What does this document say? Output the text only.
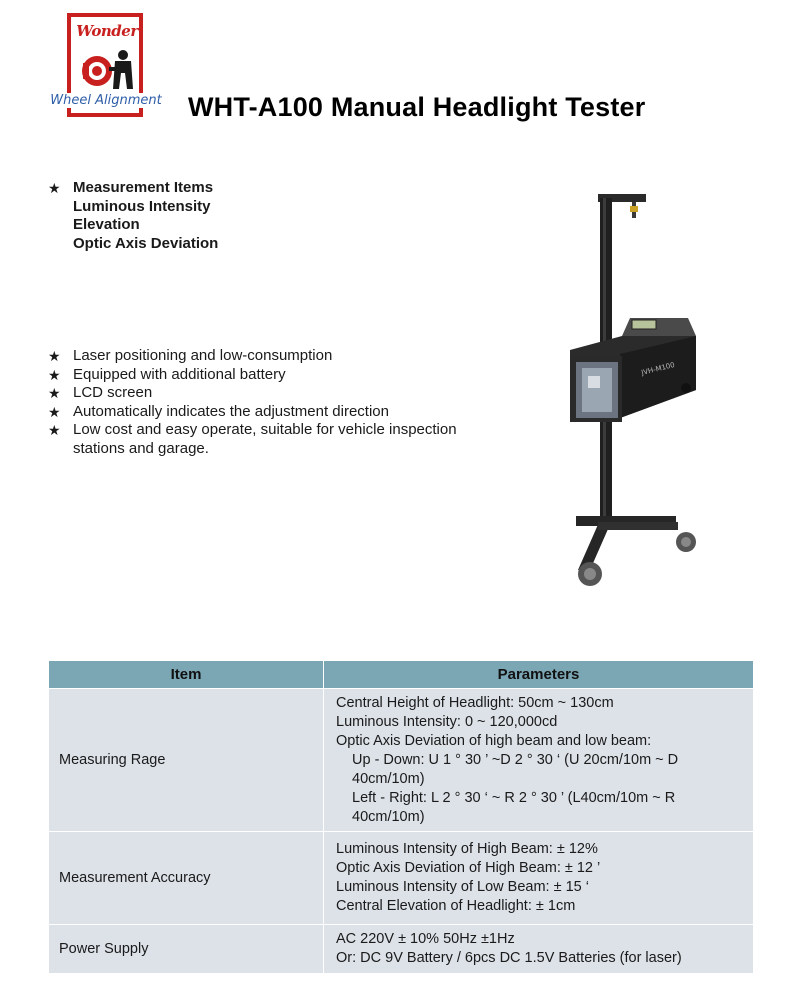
Wonder
Wheel Alignment WHT-A100 Manual Headlight Tester
★ Measurement Items
Luminous Intensity
Elevation
Optic Axis Deviation
★ Laser positioning and low-consumption
★ Equipped with additional battery
★ LCD screen
★ Automatically indicates the adjustment direction
★ Low cost and easy operate, suitable for vehicle inspection stations and garage.
JVH-M100
Item	Parameters
Measuring Rage	Central Height of Headlight: 50cm ~ 130cm
Luminous Intensity: 0 ~ 120,000cd
Optic Axis Deviation of high beam and low beam:
Up - Down: U 1 ° 30 ’ ~D 2 ° 30 ‘ (U 20cm/10m ~ D 40cm/10m)
Left - Right: L 2 ° 30 ‘ ~ R 2 ° 30 ’ (L40cm/10m ~ R 40cm/10m)

Measurement Accuracy	Luminous Intensity of High Beam: ± 12%
Optic Axis Deviation of High Beam: ± 12 ’
Luminous Intensity of Low Beam: ± 15 ‘
Central Elevation of Headlight: ± 1cm

Power Supply	AC 220V ± 10% 50Hz ±1Hz
Or: DC 9V Battery / 6pcs DC 1.5V Batteries (for laser)
